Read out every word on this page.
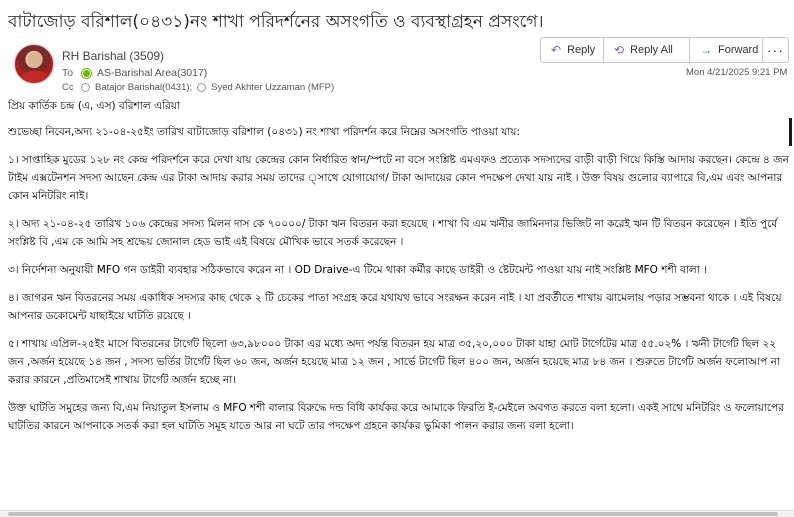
বাটাজোড় বরিশাল(০৪৩১)নং শাখা পরিদর্শনের অসংগতি ও ব্যবস্থাগ্রহন প্রসংগে।
RH Barishal (3509)
To AS-Barishal Area(3017)
Cc Batajor Barishal(0431); Syed Akhter Uzzaman (MFP)
↶ Reply ⟲ Reply All → Forward ···
Mon 4/21/2025 9:21 PM

প্রিয় কার্তিক চন্দ্র (এ, এস) বরিশাল এরিয়া

শুভেচ্ছা নিবেন,অদ্য ২১-০৪-২৫ইং তারিখ বাটাজোড় বরিশাল (০৪৩১) নং শাখা পরিদর্শন করে নিম্নের অসংগতি পাওয়া যায়:

১। সাপ্তাহিক মুডের ১২৮ নং কেন্দ্র পরিদর্শনে করে দেখা যায় কেন্দ্রের কোন নির্ধারিত স্বান/স্পটে না বসে সংশ্লিষ্ট এমএফও প্রত্যেক সদস্যদের বাড়ী বাড়ী গিয়ে কিস্তি আদায় করছেন। কেন্দ্রে ৪ জন টাইম এক্সটেনশন সদস্য আছেন কেন্দ্র এর টাকা আদায় করার সময় তাদের ্সাথে যোগাযোগ/ টাকা আদায়ের কোন পদক্ষেপ দেখা যায় নাই । উক্ত বিষয় গুলোর ব্যাপারে বি,এম এবং আপনার কোন মনিটরিং নাই।

২। অদ্য ২১-০৪-২৫ তারিখ ১০৬ কেন্দ্রের সদস্য মিলন দাস কে ৭০০০০/ টাকা ঋন বিতরন করা হয়েছে । শাখা বি এম ঋনীর জামিনদার ভিজিট না করেই ঋন টি বিতরন করেছেন । ইতি পুর্বে সংশ্লিষ্ট বি ,এম কে আমি সহ শ্রদ্ধেয় জোনাল হেড ভাই এই বিষয়ে মৌখিক ভাবে সতর্ক করেছেন ।

৩। নির্দেশনা অনুযায়ী MFO গন ডাইরী ব্যবহার সঠিকভাবে করেন না । OD Draive-এ টিমে থাকা কর্মীর কাছে ডাইরী ও ষ্টেটমেন্ট পাওয়া যায় নাই সংশ্লিষ্ট MFO শশী বালা ।

৪। জাগরন ঋন বিতরনের সময় একাধিক সদস্যর কাছ থেকে ২ টি চেকের পাতা সংগ্রহ করে যথাযথ ভাবে সংরক্ষন করেন নাই । যা প্রবর্তীতে শাখায় ঝামেলায় পড়ার সম্ভবনা থাকে । এই বিষয়ে আপনার ডকোমেন্ট যাছাইয়ে ঘাটতি রয়েছে ।

৫। শাখায় এপ্রিল-২৫ইং মাসে বিতরনের টার্গেট ছিলো ৬৩,৯৮০০০ টাকা এর মধ্যে অদ্য পর্যন্ত বিতরন হয় মাত্র ৩৫,২০,০০০ টাকা যাহা মোট টার্গেটের মাত্র ৫৫.০২% । ঋনী টার্গেট ছিল ২২ জন ,অর্জন হয়েছে ১৪ জন , সদস্য ভর্তির টার্গেট ছিল ৬০ জন, অর্জন হয়েছে মাত্র ১২ জন , সার্ভে টার্গেট ছিল ৪০০ জন, অর্জন হয়েছে মাত্র ৮৪ জন । শুরুতে টার্গেট অর্জন ফলোআপ না করার কারনে ,প্রতিমাসেই শাখায় টার্গেট অর্জন হচ্ছে না।

উক্ত ঘাটতি সমুহের জন্য বি,এম নিয়াতুল ইসলাম ও MFO শশী বালার বিরুদ্ধে দন্ড বিধি কার্যকর করে আমাকে ফিরতি ই-মেইলে অবগত করতে বলা হলো। একই সাথে মনিটরিং ও ফলোয়াপের ঘাটতির কারনে আপনাকে সতর্ক করা হল ঘাটতি সমূহ যাতে আর না ঘটে তার পদক্ষেপ গ্রহনে কার্যকর ভুমিকা পালন করার জন্য বলা হলো।
